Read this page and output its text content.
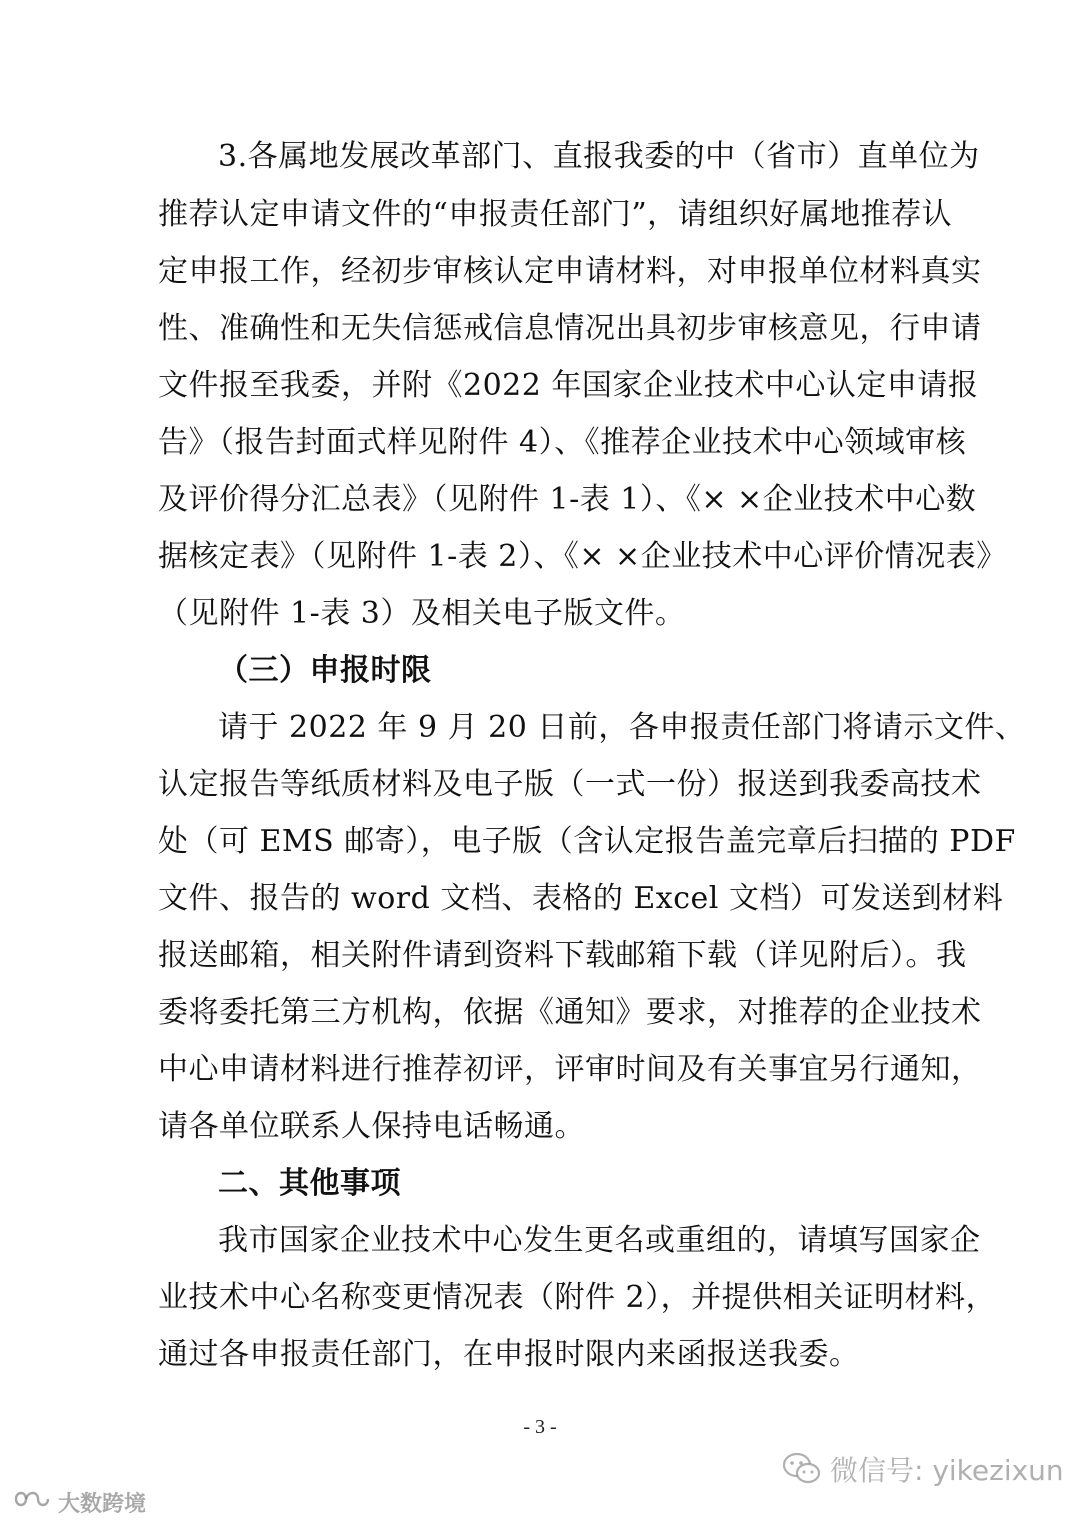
3.各属地发展改革部门、直报我委的中（省市）直单位为
推荐认定申请文件的“申报责任部门”，请组织好属地推荐认
定申报工作，经初步审核认定申请材料，对申报单位材料真实
性、准确性和无失信惩戒信息情况出具初步审核意见，行申请
文件报至我委，并附《2022 年国家企业技术中心认定申请报
告》（报告封面式样见附件 4）、《推荐企业技术中心领域审核
及评价得分汇总表》（见附件 1-表 1）、《× ×企业技术中心数
据核定表》（见附件 1-表 2）、《× ×企业技术中心评价情况表》
（见附件 1-表 3）及相关电子版文件。
（三）申报时限
请于 2022 年 9 月 20 日前，各申报责任部门将请示文件、
认定报告等纸质材料及电子版（一式一份）报送到我委高技术
处（可 EMS 邮寄），电子版（含认定报告盖完章后扫描的 PDF
文件、报告的 word 文档、表格的 Excel 文档）可发送到材料
报送邮箱，相关附件请到资料下载邮箱下载（详见附后）。我
委将委托第三方机构，依据《通知》要求，对推荐的企业技术
中心申请材料进行推荐初评，评审时间及有关事宜另行通知，
请各单位联系人保持电话畅通。
二、其他事项
我市国家企业技术中心发生更名或重组的，请填写国家企
业技术中心名称变更情况表（附件 2），并提供相关证明材料，
通过各申报责任部门，在申报时限内来函报送我委。
- 3 -
微信号: yikezixun
大数跨境
